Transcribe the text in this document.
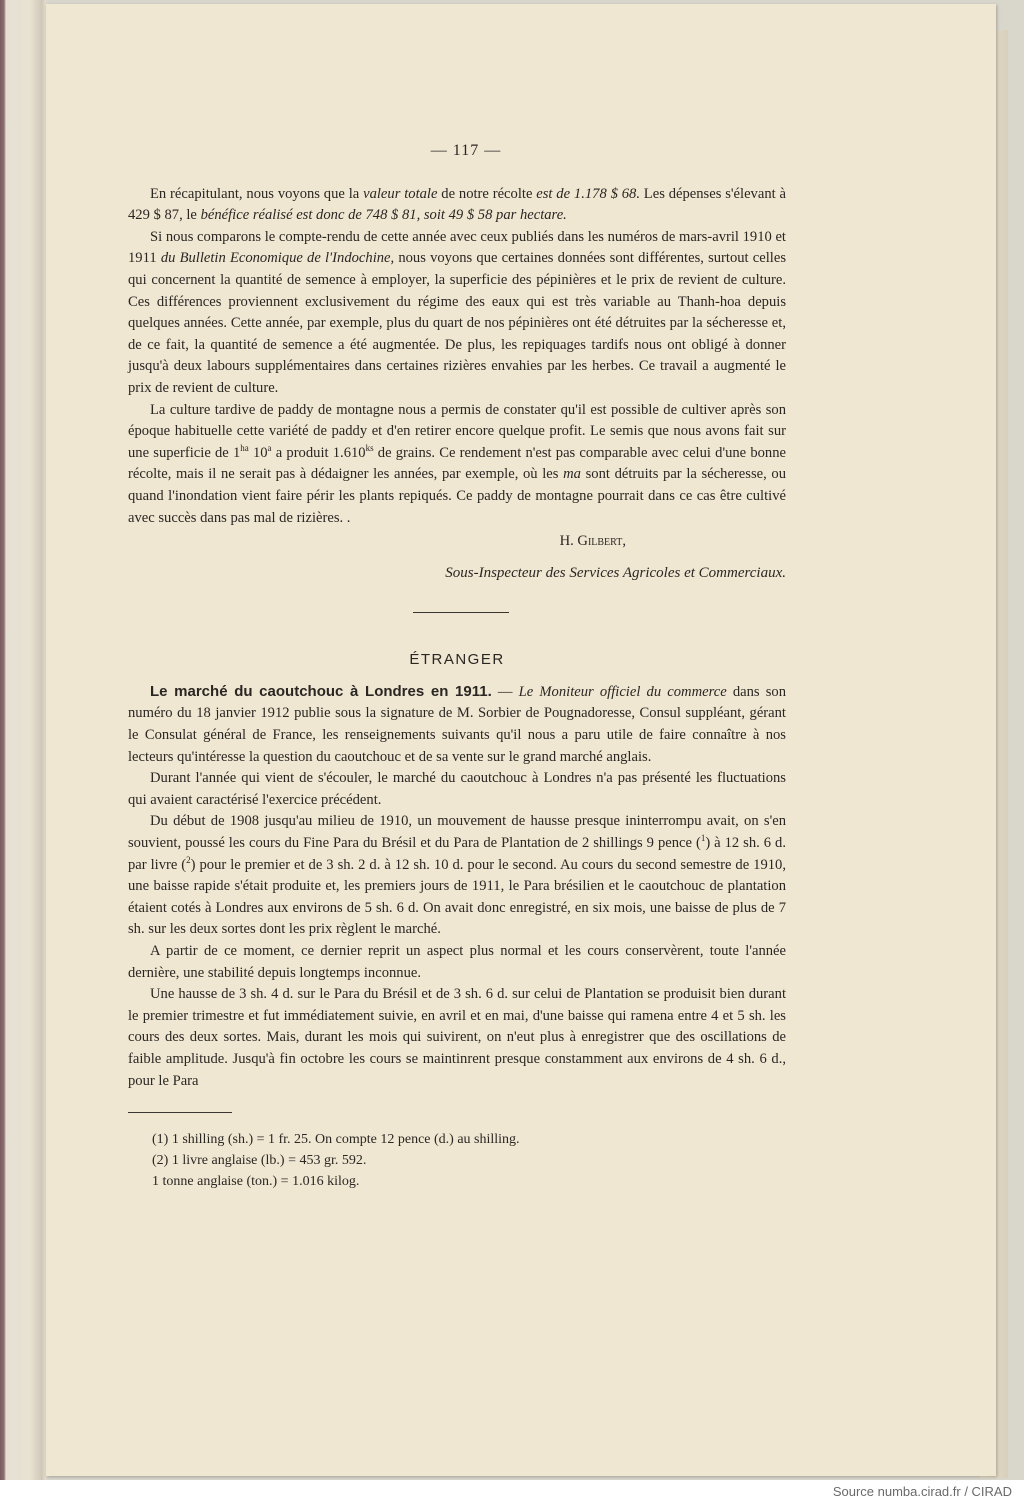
— 117 —

En récapitulant, nous voyons que la valeur totale de notre récolte est de 1.178 $ 68. Les dépenses s'élevant à 429 $ 87, le bénéfice réalisé est donc de 748 $ 81, soit 49 $ 58 par hectare.

Si nous comparons le compte-rendu de cette année avec ceux publiés dans les numéros de mars-avril 1910 et 1911 du Bulletin Economique de l'Indochine, nous voyons que certaines données sont différentes, surtout celles qui concernent la quantité de semence à employer, la superficie des pépinières et le prix de revient de culture. Ces différences proviennent exclusivement du régime des eaux qui est très variable au Thanh-hoa depuis quelques années. Cette année, par exemple, plus du quart de nos pépinières ont été détruites par la sécheresse et, de ce fait, la quantité de semence a été augmentée. De plus, les repiquages tardifs nous ont obligé à donner jusqu'à deux labours supplémentaires dans certaines rizières envahies par les herbes. Ce travail a augmenté le prix de revient de culture.

La culture tardive de paddy de montagne nous a permis de constater qu'il est possible de cultiver après son époque habituelle cette variété de paddy et d'en retirer encore quelque profit. Le semis que nous avons fait sur une superficie de $1^{ha}$ 10$^a$ a produit $1.610^{ks}$ de grains. Ce rendement n'est pas comparable avec celui d'une bonne récolte, mais il ne serait pas à dédaigner les années, par exemple, où les ma sont détruits par la sécheresse, ou quand l'inondation vient faire périr les plants repiqués. Ce paddy de montagne pourrait dans ce cas être cultivé avec succès dans pas mal de rizières. .

H. Gilbert,
Sous-Inspecteur des Services Agricoles et Commerciaux.
ÉTRANGER

Le marché du caoutchouc à Londres en 1911. — Le Moniteur officiel du commerce dans son numéro du 18 janvier 1912 publie sous la signature de M. Sorbier de Pougnadoresse, Consul suppléant, gérant le Consulat général de France, les renseignements suivants qu'il nous a paru utile de faire connaître à nos lecteurs qu'intéresse la question du caoutchouc et de sa vente sur le grand marché anglais.

Durant l'année qui vient de s'écouler, le marché du caoutchouc à Londres n'a pas présenté les fluctuations qui avaient caractérisé l'exercice précédent.

Du début de 1908 jusqu'au milieu de 1910, un mouvement de hausse presque ininterrompu avait, on s'en souvient, poussé les cours du Fine Para du Brésil et du Para de Plantation de 2 shillings 9 pence ($^1$) à 12 sh. 6 d. par livre ($^2$) pour le premier et de 3 sh. 2 d. à 12 sh. 10 d. pour le second. Au cours du second semestre de 1910, une baisse rapide s'était produite et, les premiers jours de 1911, le Para brésilien et le caoutchouc de plantation étaient cotés à Londres aux environs de 5 sh. 6 d. On avait donc enregistré, en six mois, une baisse de plus de 7 sh. sur les deux sortes dont les prix règlent le marché.

A partir de ce moment, ce dernier reprit un aspect plus normal et les cours conservèrent, toute l'année dernière, une stabilité depuis longtemps inconnue.

Une hausse de 3 sh. 4 d. sur le Para du Brésil et de 3 sh. 6 d. sur celui de Plantation se produisit bien durant le premier trimestre et fut immédiatement suivie, en avril et en mai, d'une baisse qui ramena entre 4 et 5 sh. les cours des deux sortes. Mais, durant les mois qui suivirent, on n'eut plus à enregistrer que des oscillations de faible amplitude. Jusqu'à fin octobre les cours se maintinrent presque constamment aux environs de 4 sh. 6 d., pour le Para

(1) 1 shilling (sh.) = 1 fr. 25. On compte 12 pence (d.) au shilling.
(2) 1 livre anglaise (lb.) = 453 gr. 592.
1 tonne anglaise (ton.) = 1.016 kilog.
Source numba.cirad.fr / CIRAD
